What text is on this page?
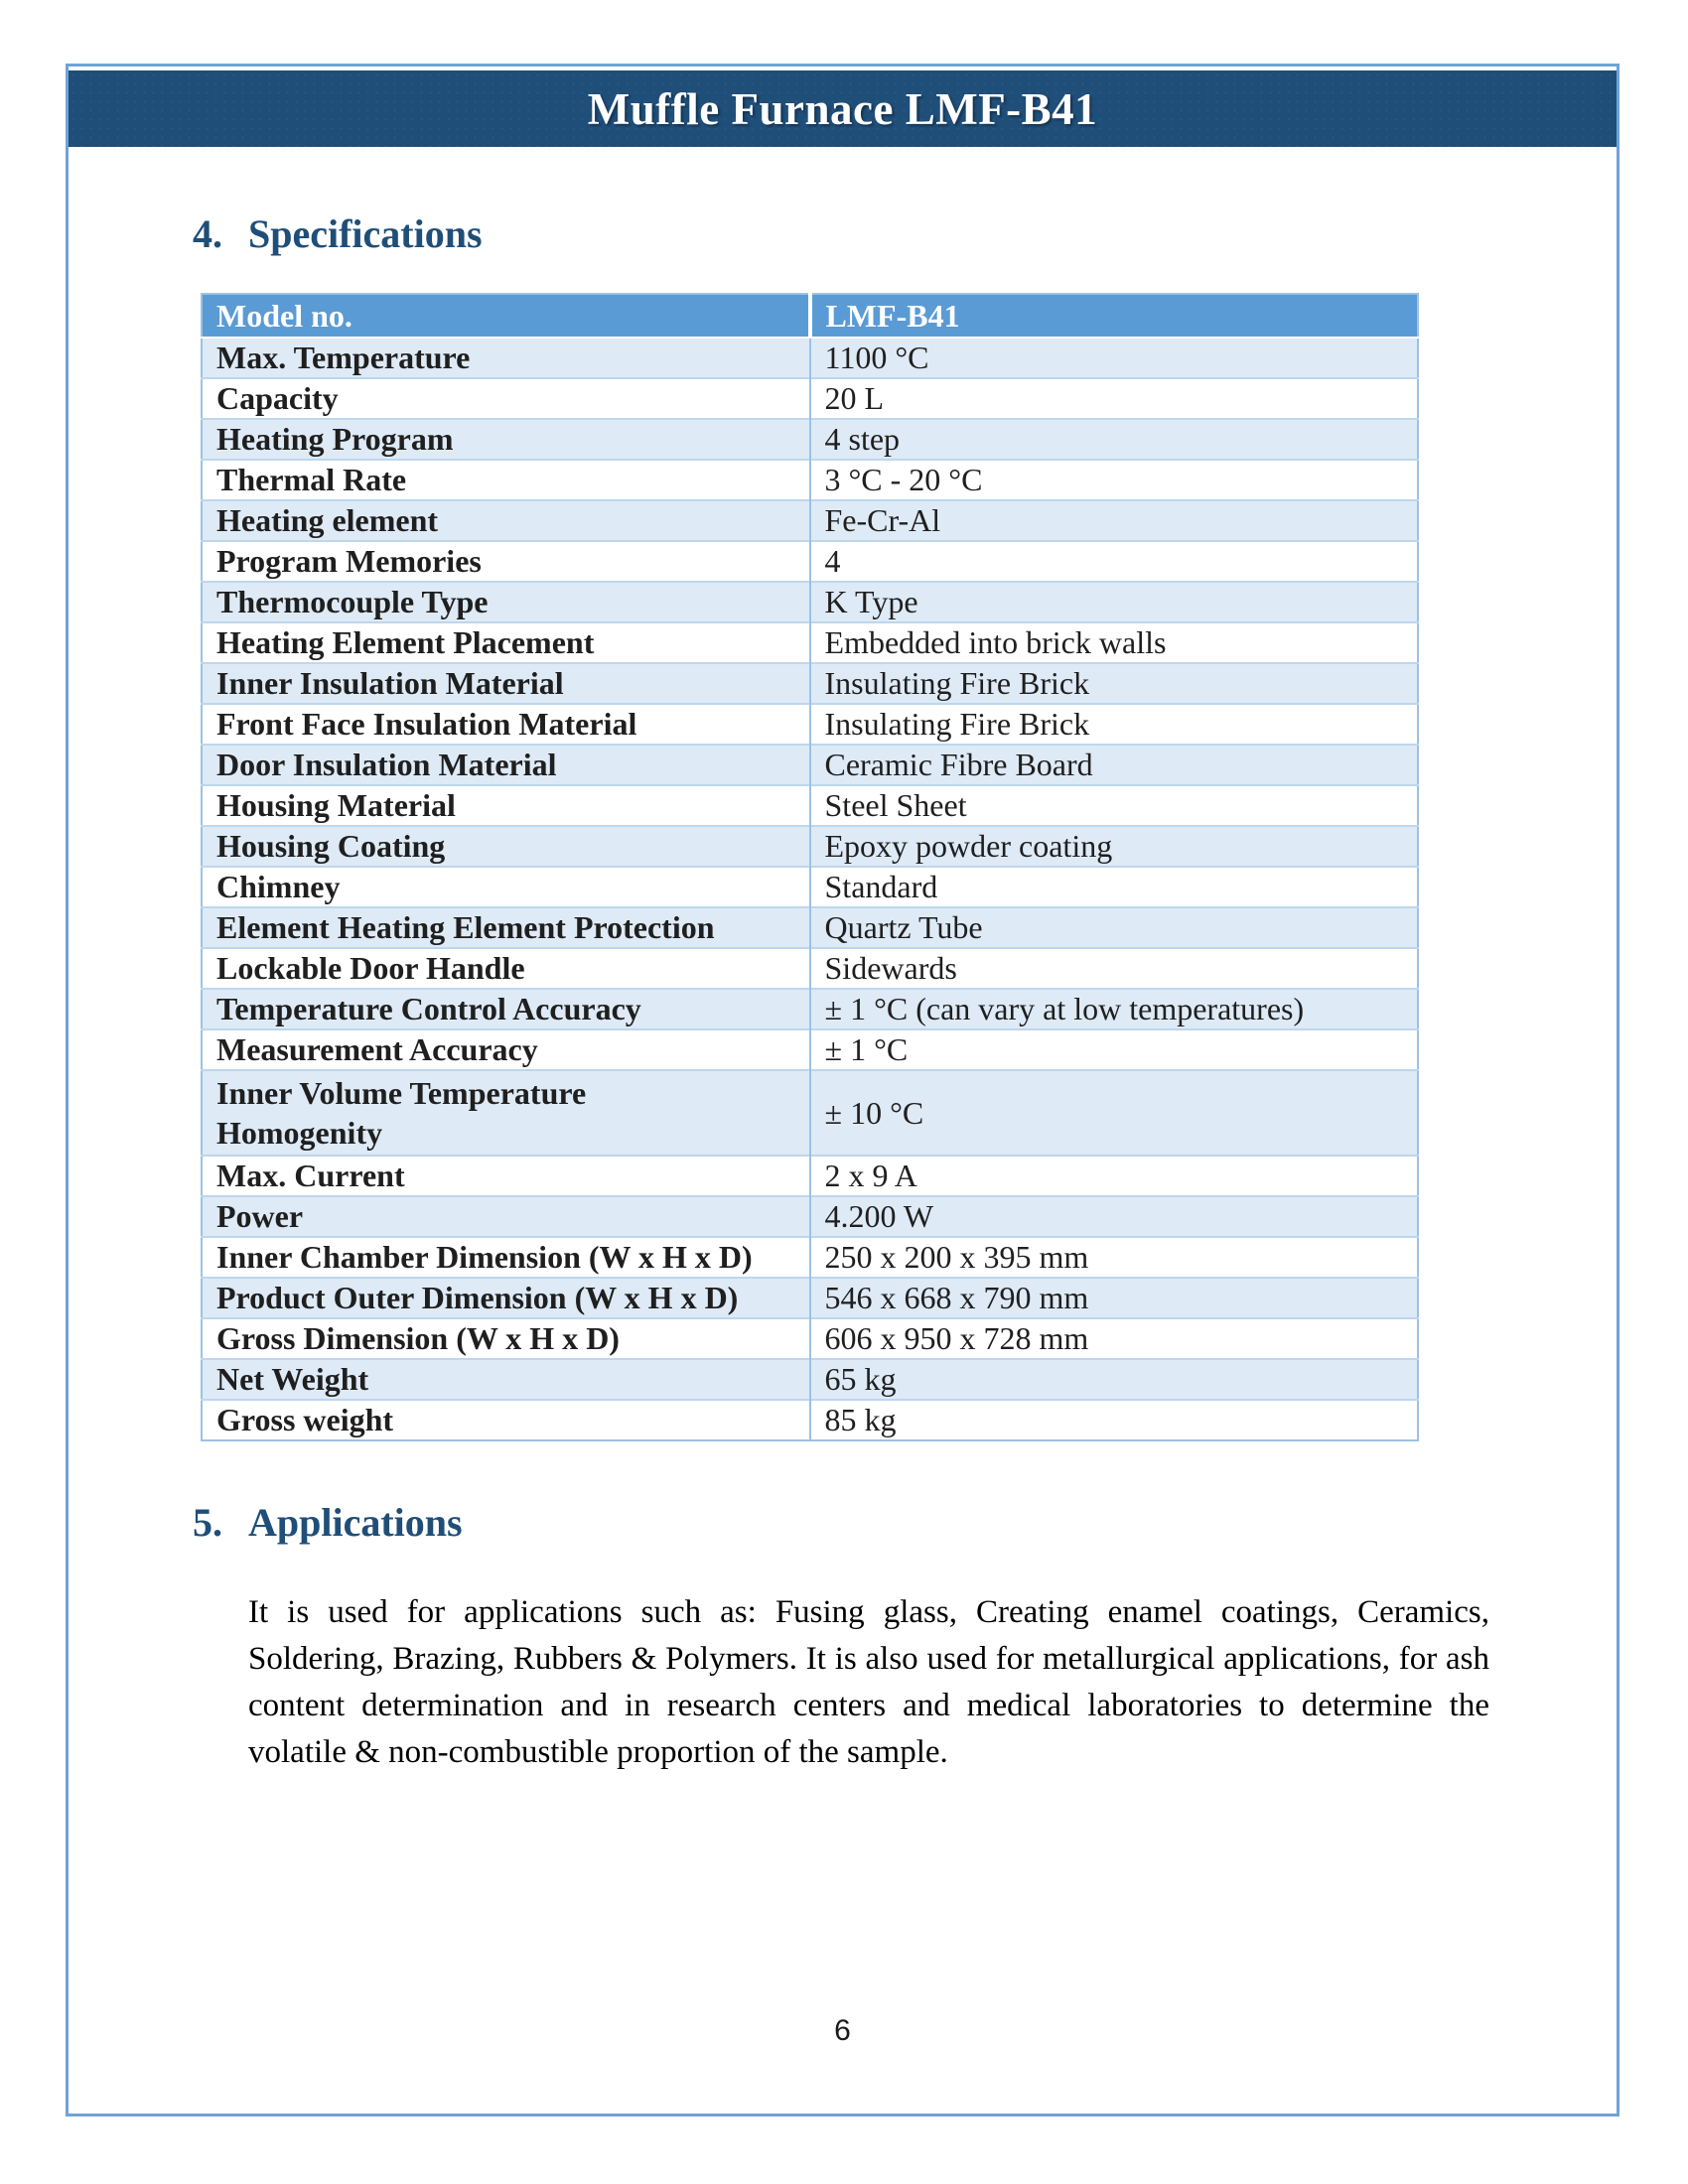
Muffle Furnace LMF-B41
4. Specifications
Model no.	LMF-B41
Max. Temperature	1100 °C
Capacity	20 L
Heating Program	4 step
Thermal Rate	3 °C - 20 °C
Heating element	Fe-Cr-Al
Program Memories	4
Thermocouple Type	K Type
Heating Element Placement	Embedded into brick walls
Inner Insulation Material	Insulating Fire Brick
Front Face Insulation Material	Insulating Fire Brick
Door Insulation Material	Ceramic Fibre Board
Housing Material	Steel Sheet
Housing Coating	Epoxy powder coating
Chimney	Standard
Element Heating Element Protection	Quartz Tube
Lockable Door Handle	Sidewards
Temperature Control Accuracy	± 1 °C (can vary at low temperatures)
Measurement Accuracy	± 1 °C

Inner Volume Temperature Homogenity	± 10 °C
Max. Current	2 x 9 A
Power	4.200 W
Inner Chamber Dimension (W x H x D)	250 x 200 x 395 mm
Product Outer Dimension (W x H x D)	546 x 668 x 790 mm
Gross Dimension (W x H x D)	606 x 950 x 728 mm
Net Weight	65 kg
Gross weight	85 kg
5. Applications

It is used for applications such as: Fusing glass, Creating enamel coatings, Ceramics, Soldering, Brazing, Rubbers & Polymers. It is also used for metallurgical applications, for ash content determination and in research centers and medical laboratories to determine the volatile & non-combustible proportion of the sample.

6
